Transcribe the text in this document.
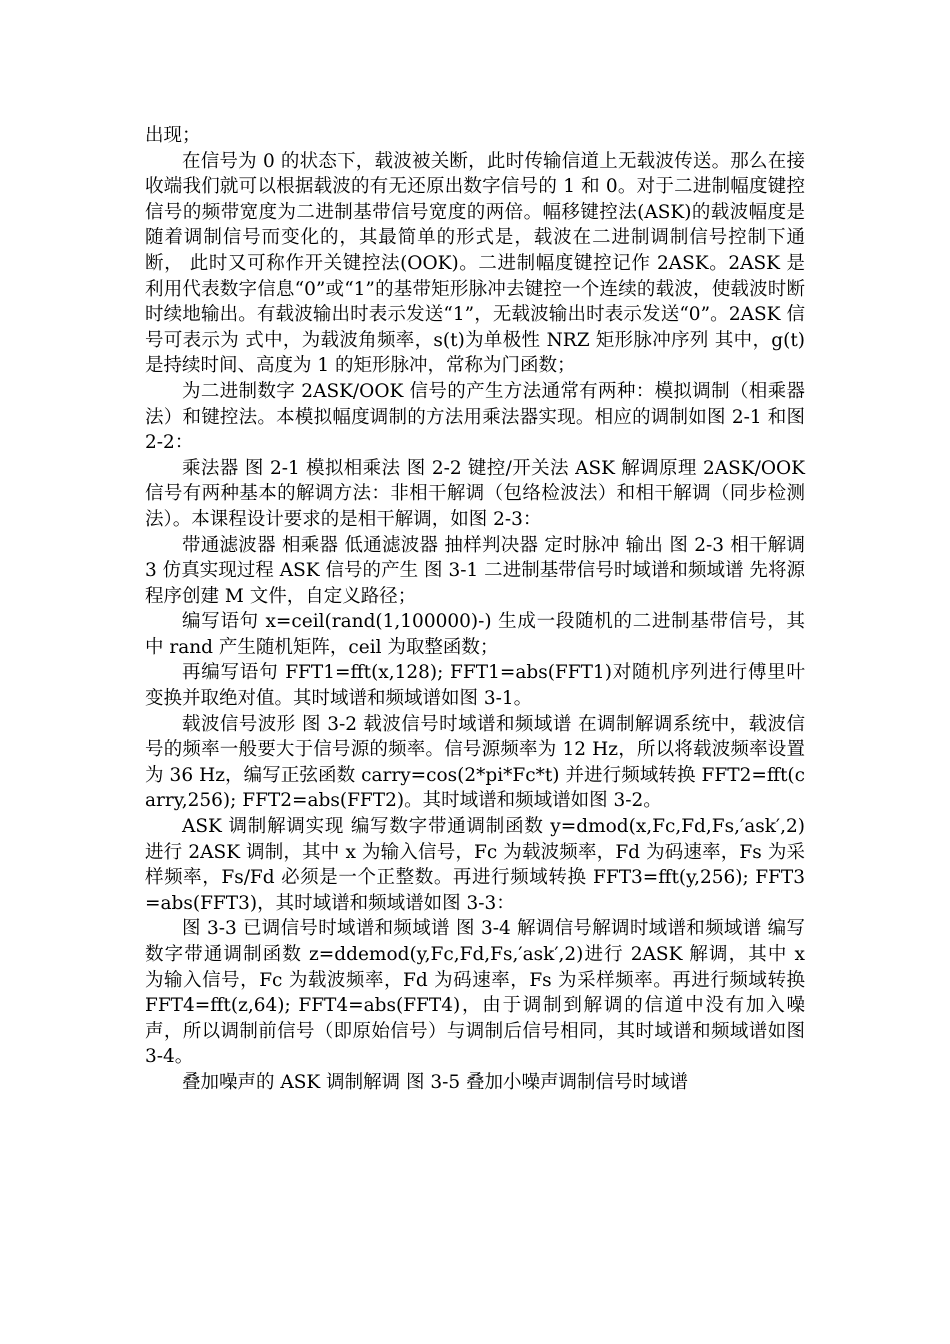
出现；

在信号为 0 的状态下，载波被关断，此时传输信道上无载波传送。那么在接收端我们就可以根据载波的有无还原出数字信号的 1 和 0。对于二进制幅度键控信号的频带宽度为二进制基带信号宽度的两倍。幅移键控法(ASK)的载波幅度是随着调制信号而变化的，其最简单的形式是，载波在二进制调制信号控制下通断， 此时又可称作开关键控法(OOK)。二进制幅度键控记作 2ASK。2ASK 是利用代表数字信息“0”或“1”的基带矩形脉冲去键控一个连续的载波，使载波时断时续地输出。有载波输出时表示发送“1”，无载波输出时表示发送“0”。2ASK 信号可表示为 式中，为载波角频率，s(t)为单极性 NRZ 矩形脉冲序列 其中，g(t)是持续时间、高度为 1 的矩形脉冲，常称为门函数；

为二进制数字 2ASK/OOK 信号的产生方法通常有两种：模拟调制（相乘器法）和键控法。本模拟幅度调制的方法用乘法器实现。相应的调制如图 2-1 和图 2-2：

乘法器 图 2-1 模拟相乘法 图 2-2 键控/开关法 ASK 解调原理 2ASK/OOK 信号有两种基本的解调方法：非相干解调（包络检波法）和相干解调（同步检测法）。本课程设计要求的是相干解调，如图 2-3：

带通滤波器 相乘器 低通滤波器 抽样判决器 定时脉冲 输出 图 2-3 相干解调 3 仿真实现过程 ASK 信号的产生 图 3-1 二进制基带信号时域谱和频域谱 先将源程序创建 M 文件，自定义路径；

编写语句 x=ceil(rand(1,100000)-) 生成一段随机的二进制基带信号，其中 rand 产生随机矩阵，ceil 为取整函数；

再编写语句 FFT1=fft(x,128); FFT1=abs(FFT1)对随机序列进行傅里叶变换并取绝对值。其时域谱和频域谱如图 3-1。

载波信号波形 图 3-2 载波信号时域谱和频域谱 在调制解调系统中，载波信号的频率一般要大于信号源的频率。信号源频率为 12 Hz，所以将载波频率设置为 36 Hz，编写正弦函数 carry=cos(2*pi*Fc*t) 并进行频域转换 FFT2=fft(carry,256); FFT2=abs(FFT2)。其时域谱和频域谱如图 3-2。

ASK 调制解调实现 编写数字带通调制函数 y=dmod(x,Fc,Fd,Fs,′ask′,2)进行 2ASK 调制，其中 x 为输入信号，Fc 为载波频率，Fd 为码速率，Fs 为采样频率，Fs/Fd 必须是一个正整数。再进行频域转换 FFT3=fft(y,256); FFT3=abs(FFT3)，其时域谱和频域谱如图 3-3：

图 3-3 已调信号时域谱和频域谱 图 3-4 解调信号解调时域谱和频域谱 编写数字带通调制函数 z=ddemod(y,Fc,Fd,Fs,′ask′,2)进行 2ASK 解调，其中 x 为输入信号，Fc 为载波频率，Fd 为码速率，Fs 为采样频率。再进行频域转换 FFT4=fft(z,64); FFT4=abs(FFT4)，由于调制到解调的信道中没有加入噪声，所以调制前信号（即原始信号）与调制后信号相同，其时域谱和频域谱如图 3-4。

叠加噪声的 ASK 调制解调 图 3-5 叠加小噪声调制信号时域谱
